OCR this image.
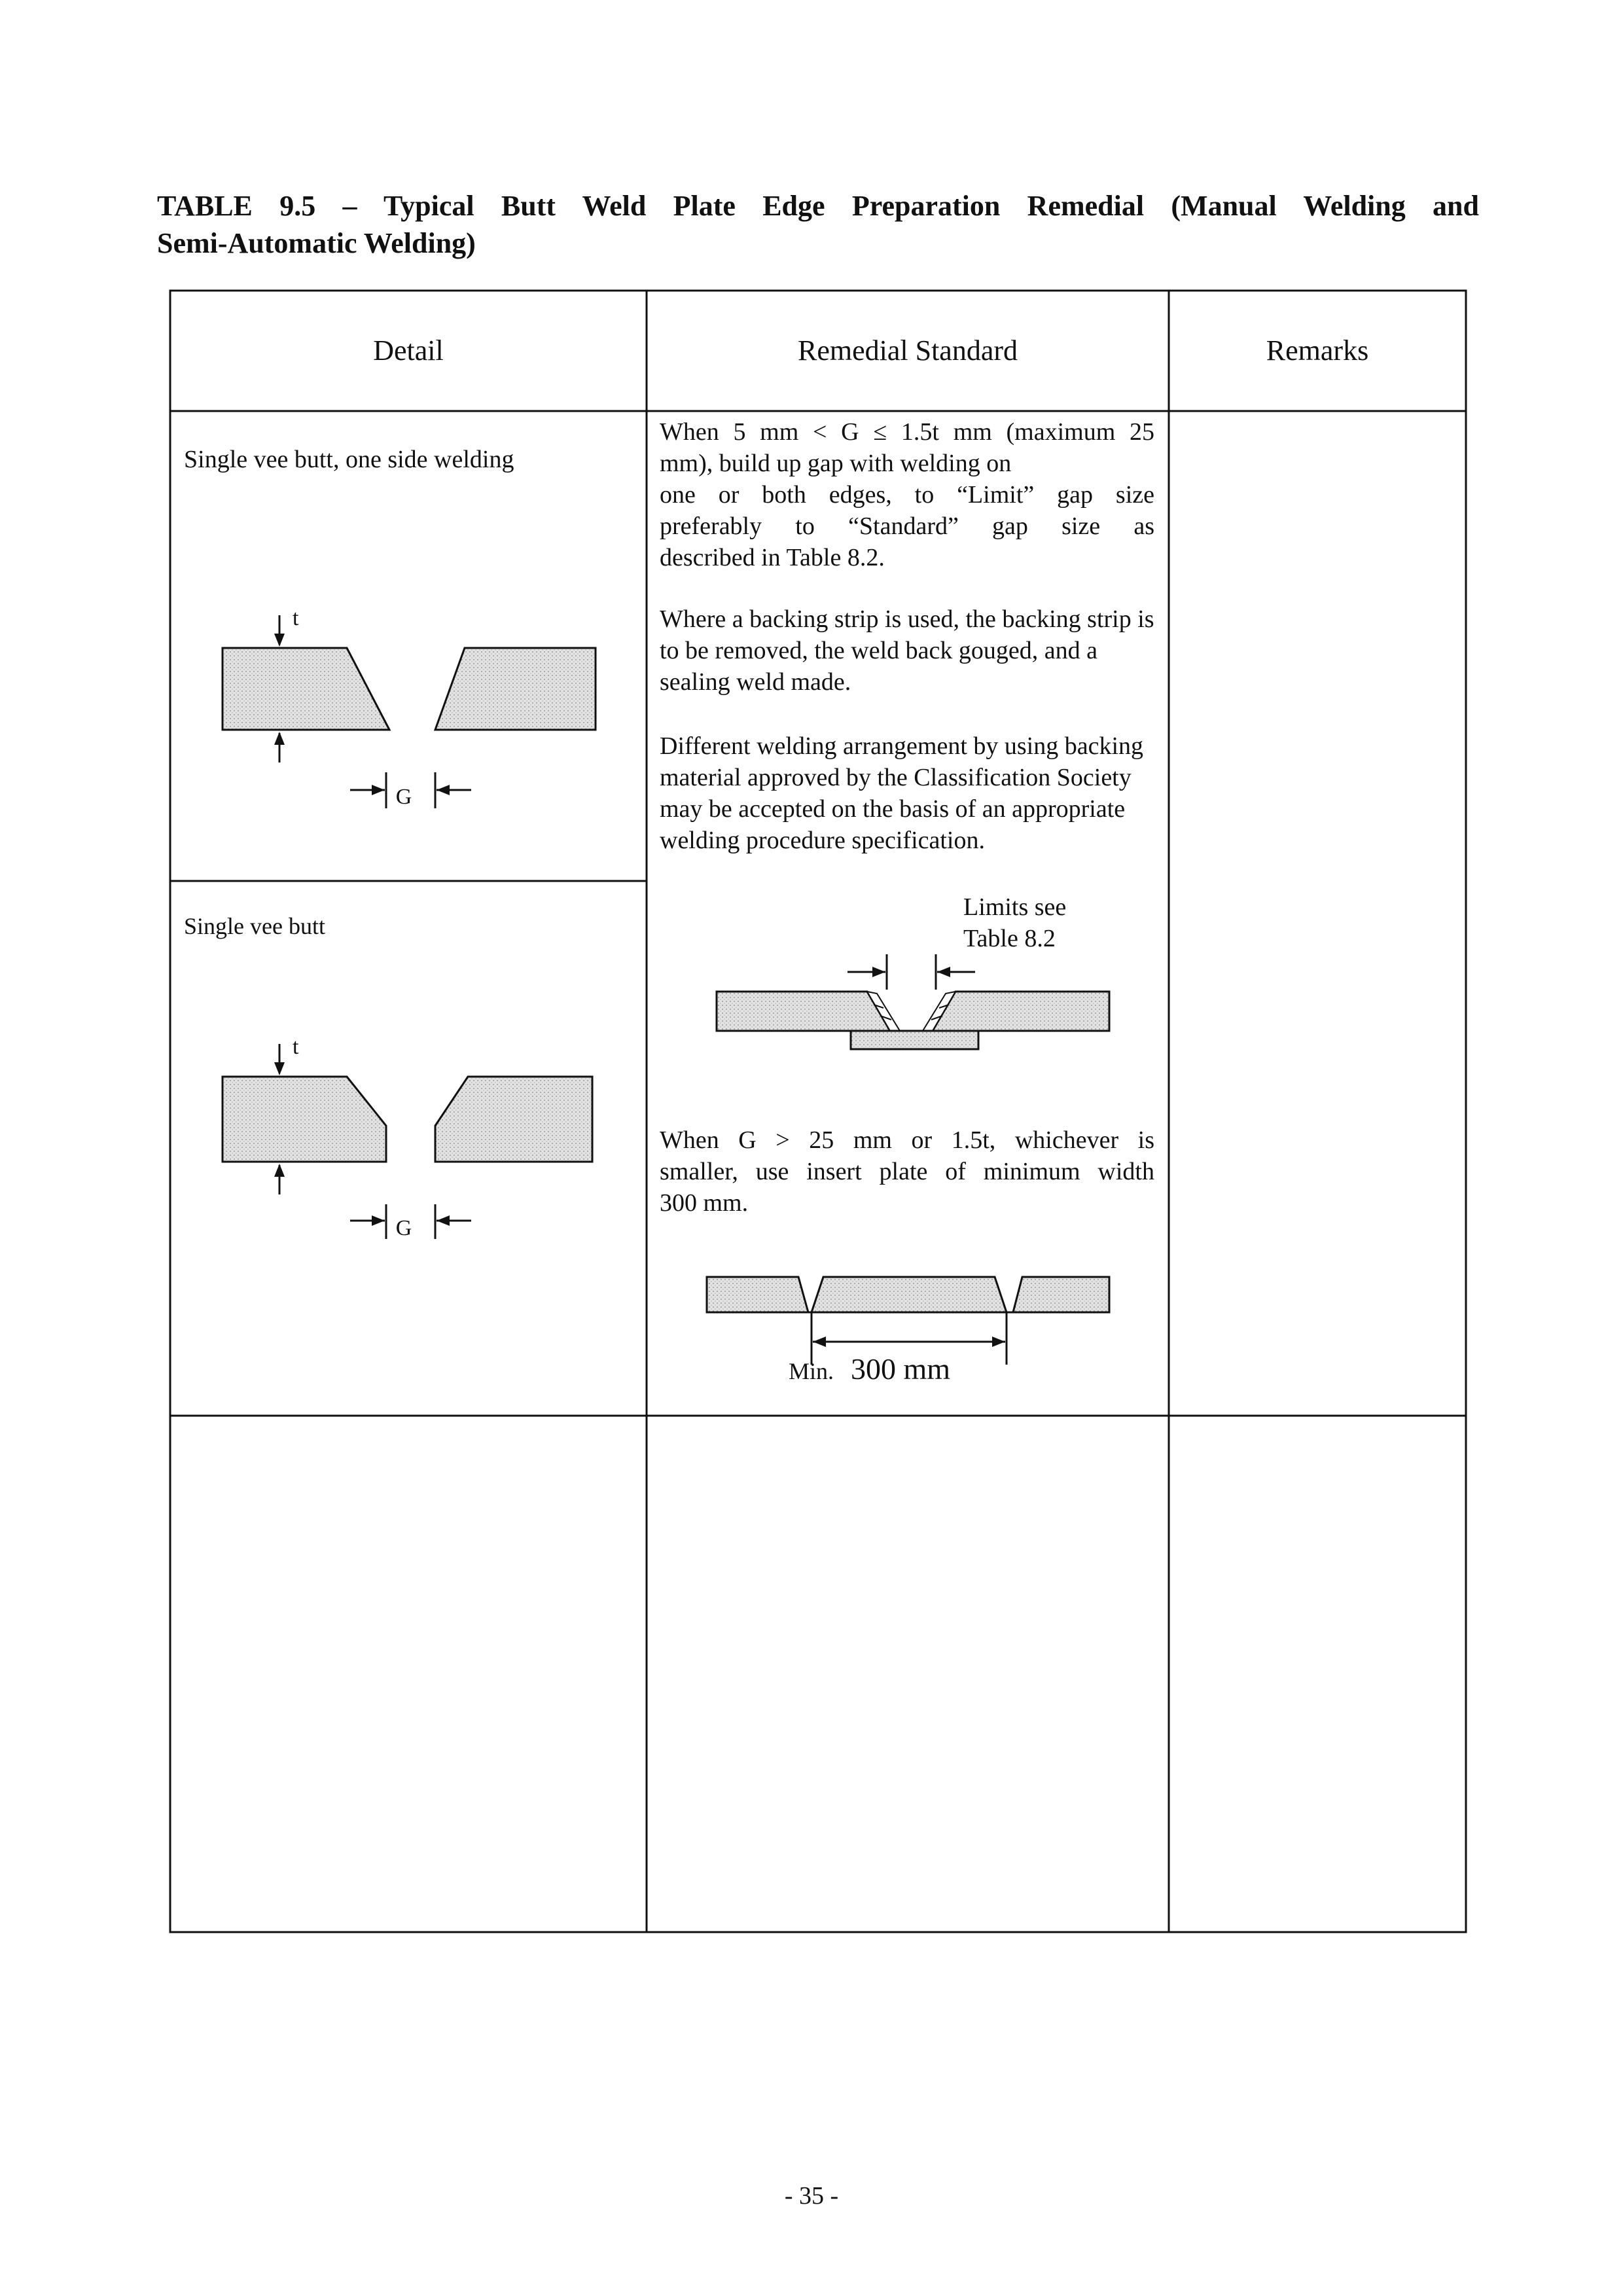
TABLE 9.5 – Typical Butt Weld Plate Edge Preparation Remedial (Manual Welding and
Semi-Automatic Welding)
Detail	Remedial Standard	Remarks
Single vee butt, one side welding
t
G
Single vee butt
t
G
When 5 mm < G ≤ 1.5t mm (maximum 25
mm), build up gap with welding on
one or both edges, to “Limit” gap size
preferably to “Standard” gap size as
described in Table 8.2.
Where a backing strip is used, the backing strip is to be removed, the weld back gouged, and a sealing weld made.
Different welding arrangement by using backing material approved by the Classification Society may be accepted on the basis of an appropriate welding procedure specification.
Limits see
Table 8.2
When G > 25 mm or 1.5t, whichever is
smaller, use insert plate of minimum width
300 mm.
Min. 300 mm
- 35 -
